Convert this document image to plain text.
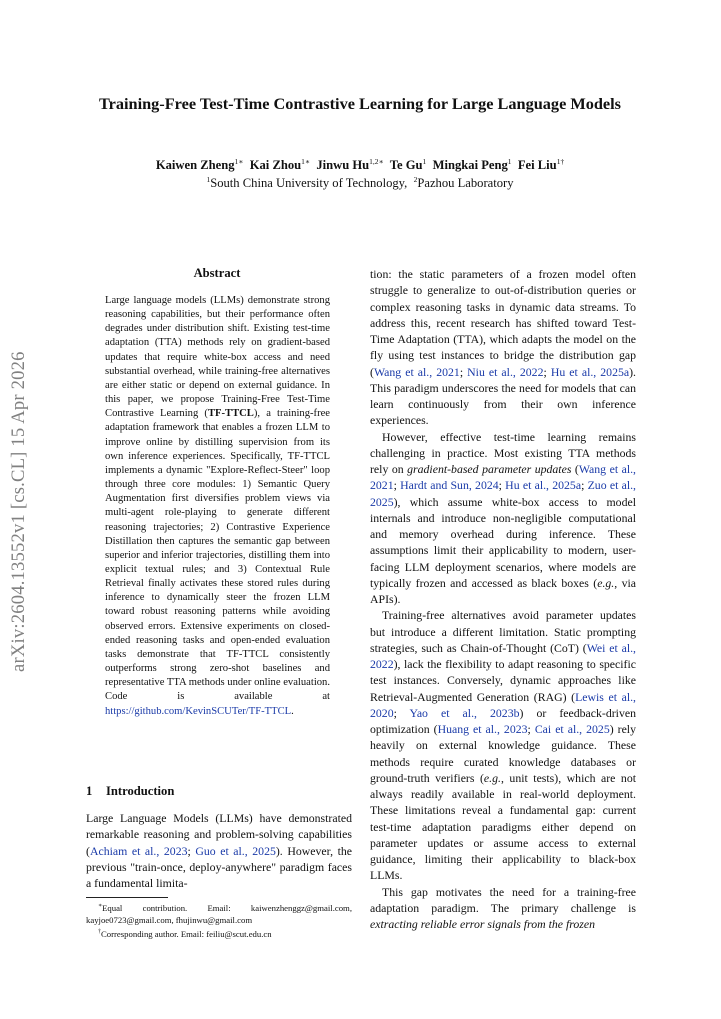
Training-Free Test-Time Contrastive Learning for Large Language Models
Kaiwen Zheng$^{1∗}$ Kai Zhou$^{1∗}$ Jinwu $Hu^{1,2∗}$ Te Gu$^1$ Mingkai Peng$^1$ Fei Liu$^{1\dagger}$
$^1$South China University of Technology, $^2$Pazhou Laboratory
arXiv:2604.13552v1 [cs.CL] 15 Apr 2026
Abstract

Large language models (LLMs) demonstrate strong reasoning capabilities, but their performance often degrades under distribution shift. Existing test-time adaptation (TTA) methods rely on gradient-based updates that require white-box access and need substantial overhead, while training-free alternatives are either static or depend on external guidance. In this paper, we propose Training-Free Test-Time Contrastive Learning (TF-TTCL), a training-free adaptation framework that enables a frozen LLM to improve online by distilling supervision from its own inference experiences. Specifically, TF-TTCL implements a dynamic "Explore-Reflect-Steer" loop through three core modules: 1) Semantic Query Augmentation first diversifies problem views via multi-agent role-playing to generate different reasoning trajectories; 2) Contrastive Experience Distillation then captures the semantic gap between superior and inferior trajectories, distilling them into explicit textual rules; and 3) Contextual Rule Retrieval finally activates these stored rules during inference to dynamically steer the frozen LLM toward robust reasoning patterns while avoiding observed errors. Extensive experiments on closed-ended reasoning tasks and open-ended evaluation tasks demonstrate that TF-TTCL consistently outperforms strong zero-shot baselines and representative TTA methods under online evaluation. Code is available at https://github.com/KevinSCUTer/TF-TTCL.

1 Introduction

Large Language Models (LLMs) have demonstrated remarkable reasoning and problem-solving capabilities (Achiam et al., 2023; Guo et al., 2025). However, the previous "train-once, deploy-anywhere" paradigm faces a fundamental limita-

∗Equal contribution. Email: kaiwenzhenggz@gmail.com, kayjoe0723@gmail.com, fhujinwu@gmail.com

†Corresponding author. Email: feiliu@scut.edu.cn

tion: the static parameters of a frozen model often struggle to generalize to out-of-distribution queries or complex reasoning tasks in dynamic data streams. To address this, recent research has shifted toward Test-Time Adaptation (TTA), which adapts the model on the fly using test instances to bridge the distribution gap (Wang et al., 2021; Niu et al., 2022; Hu et al., 2025a). This paradigm underscores the need for models that can learn continuously from their own inference experiences.

However, effective test-time learning remains challenging in practice. Most existing TTA methods rely on gradient-based parameter updates (Wang et al., 2021; Hardt and Sun, 2024; Hu et al., 2025a; Zuo et al., 2025), which assume white-box access to model internals and introduce non-negligible computational and memory overhead during inference. These assumptions limit their applicability to modern, user-facing LLM deployment scenarios, where models are typically frozen and accessed as black boxes (e.g., via APIs).

Training-free alternatives avoid parameter updates but introduce a different limitation. Static prompting strategies, such as Chain-of-Thought (CoT) (Wei et al., 2022), lack the flexibility to adapt reasoning to specific test instances. Conversely, dynamic approaches like Retrieval-Augmented Generation (RAG) (Lewis et al., 2020; Yao et al., 2023b) or feedback-driven optimization (Huang et al., 2023; Cai et al., 2025) rely heavily on external knowledge guidance. These methods require curated knowledge databases or ground-truth verifiers (e.g., unit tests), which are not always readily available in real-world deployment. These limitations reveal a fundamental gap: current test-time adaptation paradigms either depend on parameter updates or assume access to external guidance, limiting their applicability to black-box LLMs.

This gap motivates the need for a training-free adaptation paradigm. The primary challenge is extracting reliable error signals from the frozen
